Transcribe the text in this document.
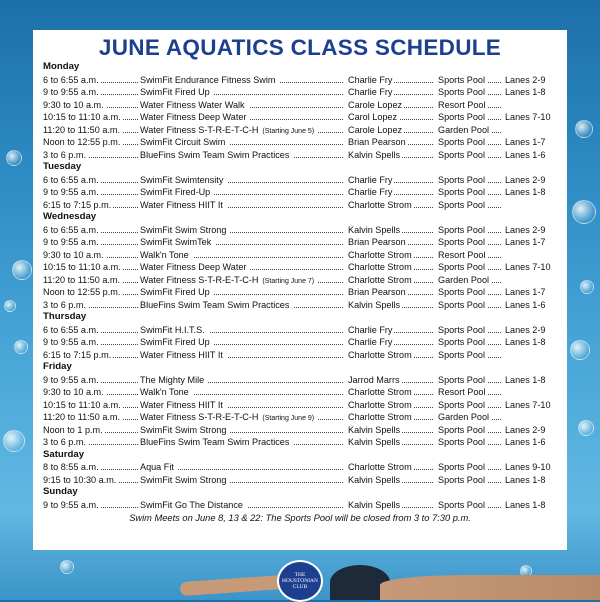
JUNE AQUATICS CLASS SCHEDULE
Monday
6 to 6:55 a.m.	SwimFit Endurance Fitness Swim	Charlie Fry	Sports Pool Lanes 2-9
9 to 9:55 a.m.	SwimFit Fired Up	Charlie Fry	Sports Pool Lanes 1-8
9:30 to 10 a.m.	Water Fitness Water Walk	Carole Lopez	Resort Pool
10:15 to 11:10 a.m. Water Fitness Deep Water	Carol Lopez	Sports Pool Lanes 7-10
11:20 to 11:50 a.m. Water Fitness S-T-R-E-T-C-H (Starting June 5)	Carole Lopez	Garden Pool
Noon to 12:55 p.m. SwimFit Circuit Swim	Brian Pearson	Sports Pool Lanes 1-7
3 to 6 p.m.	BlueFins Swim Team Swim Practices	Kalvin Spells	Sports Pool Lanes 1-6
Tuesday
6 to 6:55 a.m.	SwimFit Swimtensity	Charlie Fry	Sports Pool Lanes 2-9
9 to 9:55 a.m.	SwimFit Fired-Up	Charlie Fry	Sports Pool Lanes 1-8
6:15 to 7:15 p.m.	Water Fitness HIIT It	Charlotte Strom	Sports Pool
Wednesday
6 to 6:55 a.m.	SwimFit Swim Strong	Kalvin Spells	Sports Pool Lanes 2-9
9 to 9:55 a.m.	SwimFit SwimTek	Brian Pearson	Sports Pool Lanes 1-7
9:30 to 10 a.m.	Walk'n Tone	Charlotte Strom	Resort Pool
10:15 to 11:10 a.m. Water Fitness Deep Water	Charlotte Strom	Sports Pool Lanes 7-10
11:20 to 11:50 a.m. Water Fitness S-T-R-E-T-C-H (Starting June 7)	Charlotte Strom	Garden Pool
Noon to 12:55 p.m. SwimFit Fired Up	Brian Pearson	Sports Pool Lanes 1-7
3 to 6 p.m.	BlueFins Swim Team Swim Practices	Kalvin Spells	Sports Pool Lanes 1-6
Thursday
6 to 6:55 a.m.	SwimFit H.I.T.S.	Charlie Fry	Sports Pool Lanes 2-9
9 to 9:55 a.m.	SwimFit Fired Up	Charlie Fry	Sports Pool Lanes 1-8
6:15 to 7:15 p.m.	Water Fitness HIIT It	Charlotte Strom	Sports Pool
Friday
9 to 9:55 a.m.	The Mighty Mile	Jarrod Marrs	Sports Pool Lanes 1-8
9:30 to 10 a.m.	Walk'n Tone	Charlotte Strom	Resort Pool
10:15 to 11:10 a.m. Water Fitness HIIT It	Charlotte Strom	Sports Pool Lanes 7-10
11:20 to 11:50 a.m. Water Fitness S-T-R-E-T-C-H (Starting June 9)	Charlotte Strom	Garden Pool
Noon to 1 p.m.	SwimFit Swim Strong	Kalvin Spells	Sports Pool Lanes 2-9
3 to 6 p.m.	BlueFins Swim Team Swim Practices	Kalvin Spells	Sports Pool Lanes 1-6
Saturday
8 to 8:55 a.m.	Aqua Fit	Charlotte Strom	Sports Pool Lanes 9-10
9:15 to 10:30 a.m.	SwimFit Swim Strong	Kalvin Spells	Sports Pool Lanes 1-8
Sunday
9 to 9:55 a.m.	SwimFit Go The Distance	Kalvin Spells	Sports Pool Lanes 1-8
Swim Meets on June 8, 13 & 22: The Sports Pool will be closed from 3 to 7:30 p.m.
THE HOUSTONIAN CLUB
